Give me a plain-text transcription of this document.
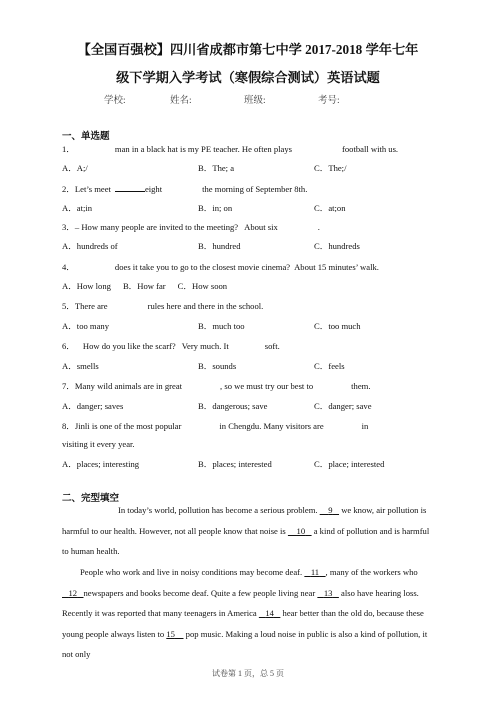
【全国百强校】四川省成都市第七中学 2017-2018 学年七年
级下学期入学考试（寒假综合测试）英语试题
学校:	姓名:	班级:	考号:
一、单选题
1．	man in a black hat is my PE teacher. He often plays	football with us.
A．A;/	B．The; a	C．The;/
2．Let’s meet	eight	the morning of September 8th.
A．at;in	B．in; on	C．at;on
3．– How many people are invited to the meeting? About six	.
A．hundreds of	B．hundred	C．hundreds
4．	does it take you to go to the closest movie cinema? About 15 minutes’ walk.
A．How long B．How far C．How soon
5．There are	rules here and there in the school.
A．too many	B．much too	C．too much
6． How do you like the scarf? Very much. It	soft.
A．smells	B．sounds	C．feels
7．Many wild animals are in great	, so we must try our best to	them.
A．danger; saves	B．dangerous; save	C．danger; save
8．Jinli is one of the most popular	in Chengdu. Many visitors are	in
visiting it every year.
A．places; interesting	B．places; interested	C．place; interested
二、完型填空
In today’s world, pollution has become a serious problem. 9 we know, air pollution is harmful to our health. However, not all people know that noise is 10 a kind of pollution and is harmful to human health.
People who work and live in noisy conditions may become deaf. 11 , many of the workers who    12 newspapers and books become deaf. Quite a few people living near 13 also have hearing loss. Recently it was reported that many teenagers in America 14 hear better than the old do, because these young people always listen to 15 pop music. Making a loud noise in public is also a kind of pollution, it not only
试卷第 1 页，总 5 页
